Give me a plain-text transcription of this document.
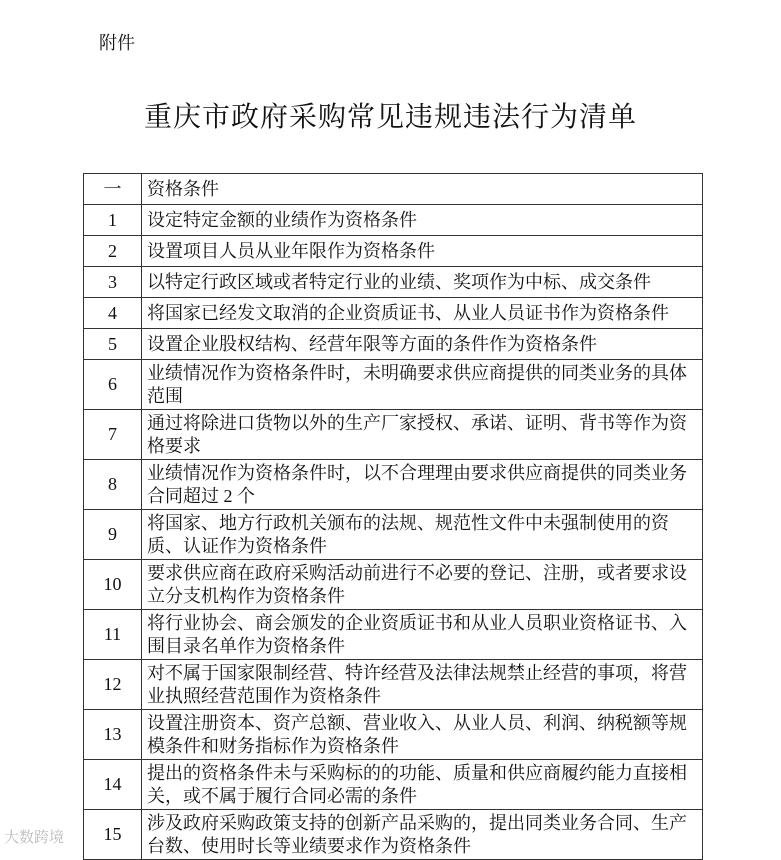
附件
重庆市政府采购常见违规违法行为清单
一	资格条件
1	设定特定金额的业绩作为资格条件
2	设置项目人员从业年限作为资格条件
3	以特定行政区域或者特定行业的业绩、奖项作为中标、成交条件
4	将国家已经发文取消的企业资质证书、从业人员证书作为资格条件
5	设置企业股权结构、经营年限等方面的条件作为资格条件
6	业绩情况作为资格条件时，未明确要求供应商提供的同类业务的具体范围
7	通过将除进口货物以外的生产厂家授权、承诺、证明、背书等作为资格要求
8	业绩情况作为资格条件时，以不合理理由要求供应商提供的同类业务合同超过 2 个
9	将国家、地方行政机关颁布的法规、规范性文件中未强制使用的资质、认证作为资格条件
10	要求供应商在政府采购活动前进行不必要的登记、注册，或者要求设立分支机构作为资格条件
11	将行业协会、商会颁发的企业资质证书和从业人员职业资格证书、入围目录名单作为资格条件
12	对不属于国家限制经营、特许经营及法律法规禁止经营的事项，将营业执照经营范围作为资格条件
13	设置注册资本、资产总额、营业收入、从业人员、利润、纳税额等规模条件和财务指标作为资格条件
14	提出的资格条件未与采购标的的功能、质量和供应商履约能力直接相关，或不属于履行合同必需的条件
15	涉及政府采购政策支持的创新产品采购的，提出同类业务合同、生产台数、使用时长等业绩要求作为资格条件
大数跨境
